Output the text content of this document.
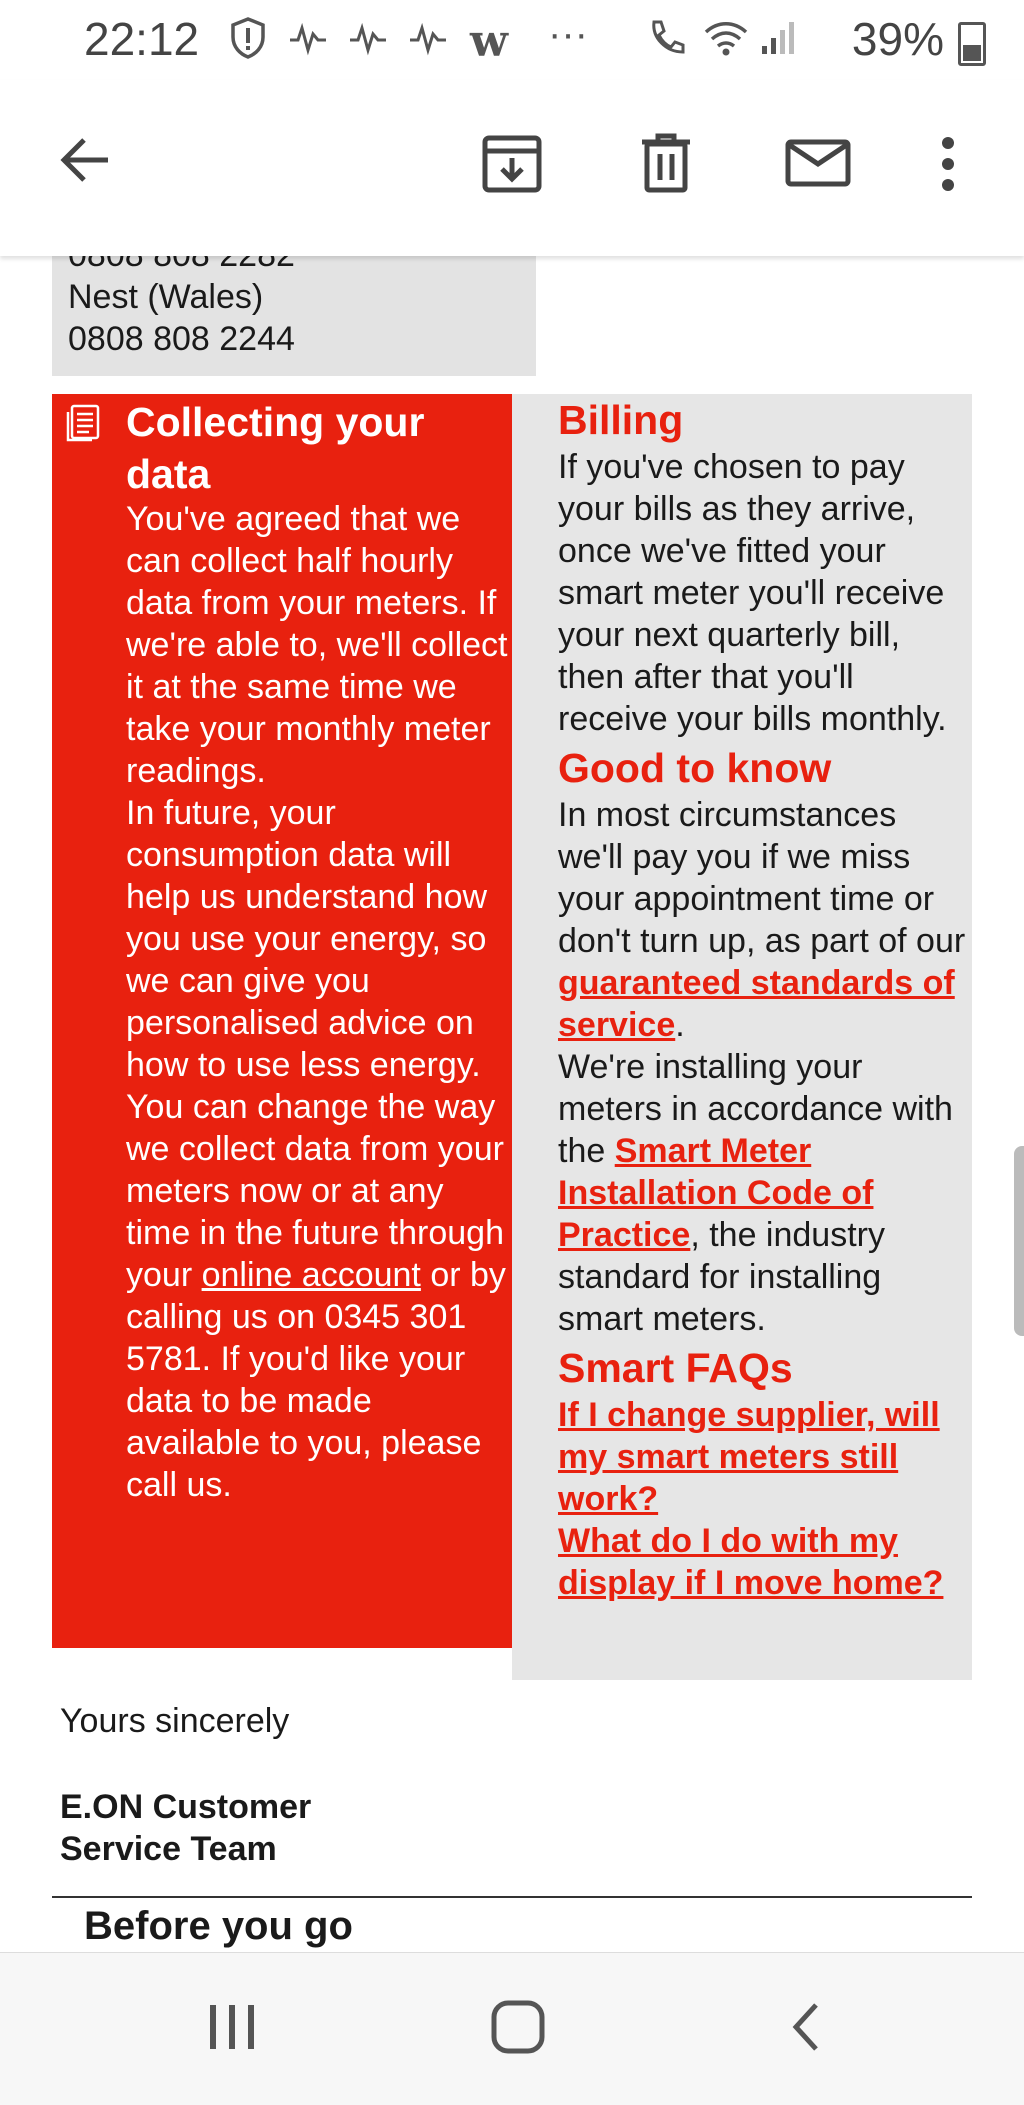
22:12	w ···	39%
Nest (Wales)
0808 808 2244
Collecting your data
You've agreed that we can collect half hourly data from your meters. If we're able to, we'll collect it at the same time we take your monthly meter readings.
In future, your consumption data will help us understand how you use your energy, so we can give you personalised advice on how to use less energy.
You can change the way we collect data from your meters now or at any time in the future through your online account or by calling us on 0345 301 5781. If you'd like your data to be made available to you, please call us.
Billing

If you've chosen to pay your bills as they arrive, once we've fitted your smart meter you'll receive your next quarterly bill, then after that you'll receive your bills monthly.

Good to know

In most circumstances we'll pay you if we miss your appointment time or don't turn up, as part of our guaranteed standards of service.

We're installing your meters in accordance with the Smart Meter Installation Code of Practice, the industry standard for installing smart meters.

Smart FAQs

If I change supplier, will my smart meters still work?

What do I do with my display if I move home?

Yours sincerely
E.ON Customer
Service Team
Before you go
